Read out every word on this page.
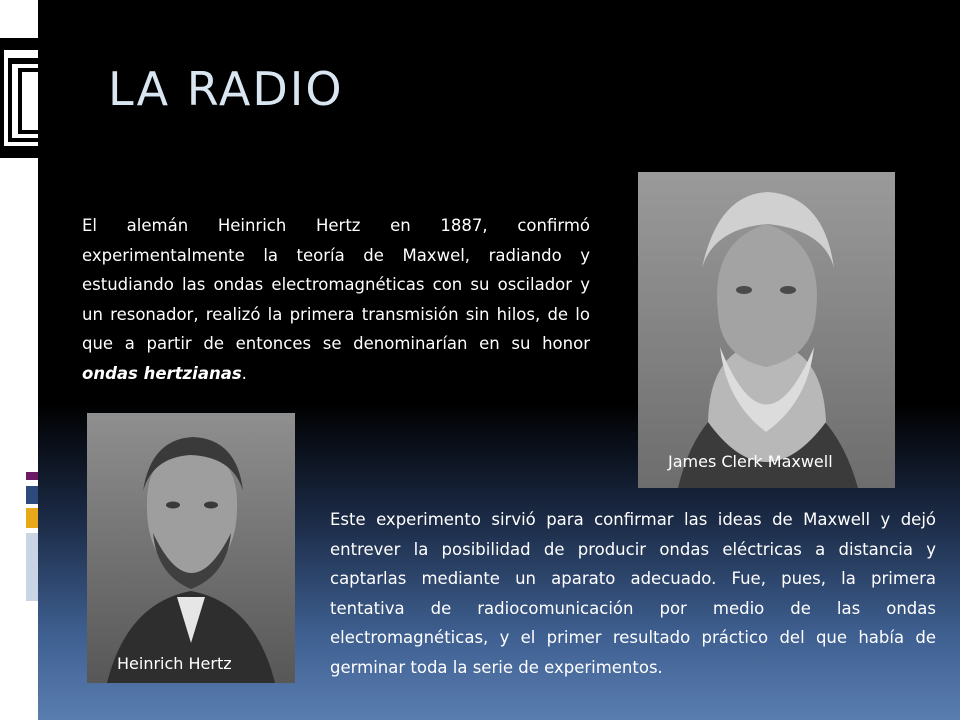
LA RADIO

El alemán Heinrich Hertz en 1887, confirmó experimentalmente la teoría de Maxwel, radiando y estudiando las ondas electromagnéticas con su oscilador y un resonador, realizó la primera transmisión sin hilos, de lo que a partir de entonces se denominarían en su honor ondas hertzianas.

James Clerk Maxwell
Heinrich Hertz

Este experimento sirvió para confirmar las ideas de Maxwell y dejó entrever la posibilidad de producir ondas eléctricas a distancia y captarlas mediante un aparato adecuado. Fue, pues, la primera tentativa de radiocomunicación por medio de las ondas electromagnéticas, y el primer resultado práctico del que había de germinar toda la serie de experimentos.
